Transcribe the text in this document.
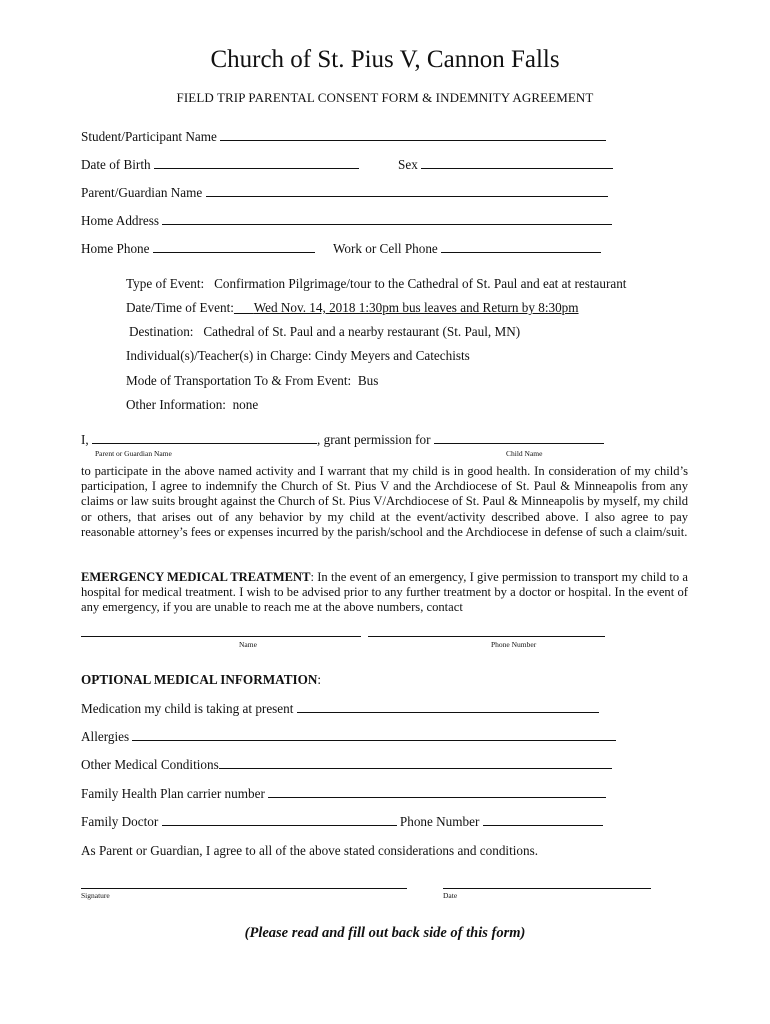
Church of St. Pius V, Cannon Falls
FIELD TRIP PARENTAL CONSENT FORM & INDEMNITY AGREEMENT
Student/Participant Name
Date of Birth	Sex
Parent/Guardian Name
Home Address
Home Phone	Work or Cell Phone
Type of Event: Confirmation Pilgrimage/tour to the Cathedral of St. Paul and eat at restaurant
Date/Time of Event: Wed Nov. 14, 2018 1:30pm bus leaves and Return by 8:30pm
Destination: Cathedral of St. Paul and a nearby restaurant (St. Paul, MN)
Individual(s)/Teacher(s) in Charge: Cindy Meyers and Catechists
Mode of Transportation To & From Event: Bus
Other Information: none
I,	, grant permission for
Parent or Guardian Name	Child Name

to participate in the above named activity and I warrant that my child is in good health. In consideration of my child’s participation, I agree to indemnify the Church of St. Pius V and the Archdiocese of St. Paul & Minneapolis from any claims or law suits brought against the Church of St. Pius V/Archdiocese of St. Paul & Minneapolis by myself, my child or others, that arises out of any behavior by my child at the event/activity described above. I also agree to pay reasonable attorney’s fees or expenses incurred by the parish/school and the Archdiocese in defense of such a claim/suit.

EMERGENCY MEDICAL TREATMENT: In the event of an emergency, I give permission to transport my child to a hospital for medical treatment. I wish to be advised prior to any further treatment by a doctor or hospital. In the event of any emergency, if you are unable to reach me at the above numbers, contact

Name	Phone Number
OPTIONAL MEDICAL INFORMATION:
Medication my child is taking at present
Allergies
Other Medical Conditions
Family Health Plan carrier number
Family Doctor	Phone Number
As Parent or Guardian, I agree to all of the above stated considerations and conditions.
Signature	Date
(Please read and fill out back side of this form)
